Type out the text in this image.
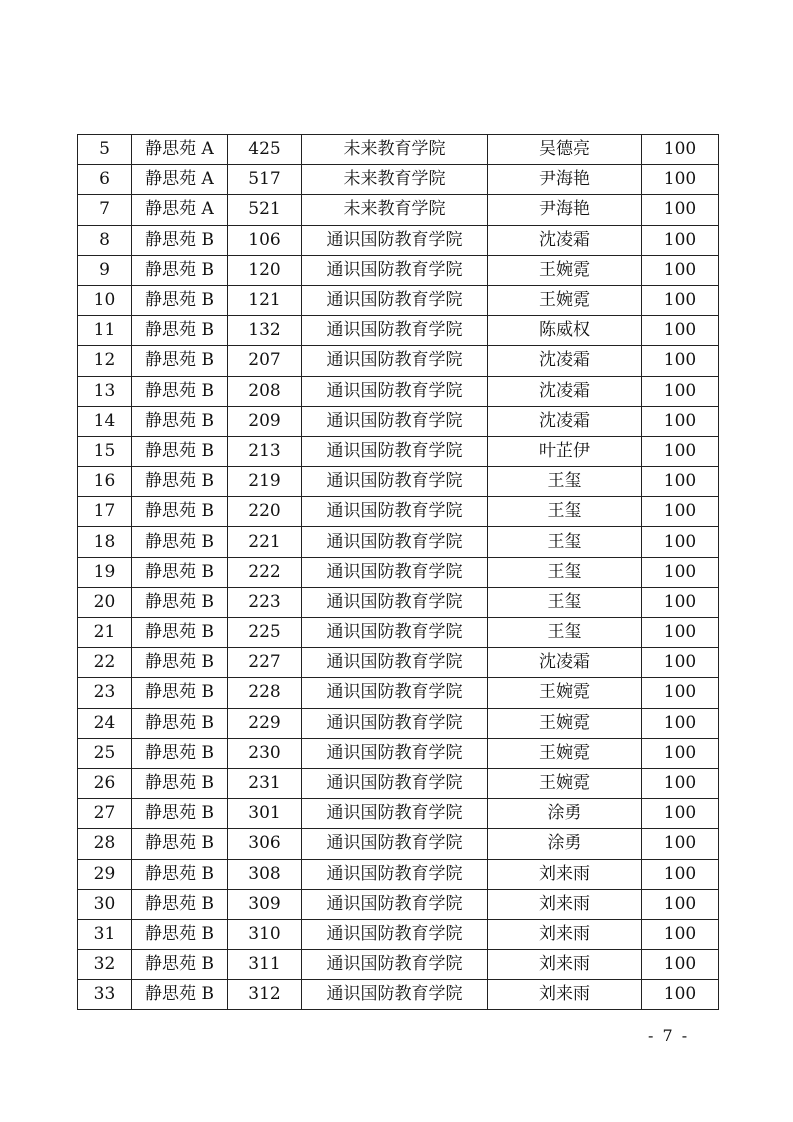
5	静思苑 A	425	未来教育学院	吴德亮	100
6	静思苑 A	517	未来教育学院	尹海艳	100
7	静思苑 A	521	未来教育学院	尹海艳	100
8	静思苑 B	106	通识国防教育学院	沈凌霜	100
9	静思苑 B	120	通识国防教育学院	王婉霓	100
10	静思苑 B	121	通识国防教育学院	王婉霓	100
11	静思苑 B	132	通识国防教育学院	陈威权	100
12	静思苑 B	207	通识国防教育学院	沈凌霜	100
13	静思苑 B	208	通识国防教育学院	沈凌霜	100
14	静思苑 B	209	通识国防教育学院	沈凌霜	100
15	静思苑 B	213	通识国防教育学院	叶芷伊	100
16	静思苑 B	219	通识国防教育学院	王玺	100
17	静思苑 B	220	通识国防教育学院	王玺	100
18	静思苑 B	221	通识国防教育学院	王玺	100
19	静思苑 B	222	通识国防教育学院	王玺	100
20	静思苑 B	223	通识国防教育学院	王玺	100
21	静思苑 B	225	通识国防教育学院	王玺	100
22	静思苑 B	227	通识国防教育学院	沈凌霜	100
23	静思苑 B	228	通识国防教育学院	王婉霓	100
24	静思苑 B	229	通识国防教育学院	王婉霓	100
25	静思苑 B	230	通识国防教育学院	王婉霓	100
26	静思苑 B	231	通识国防教育学院	王婉霓	100
27	静思苑 B	301	通识国防教育学院	涂勇	100
28	静思苑 B	306	通识国防教育学院	涂勇	100
29	静思苑 B	308	通识国防教育学院	刘来雨	100
30	静思苑 B	309	通识国防教育学院	刘来雨	100
31	静思苑 B	310	通识国防教育学院	刘来雨	100
32	静思苑 B	311	通识国防教育学院	刘来雨	100
33	静思苑 B	312	通识国防教育学院	刘来雨	100
- 7 -
